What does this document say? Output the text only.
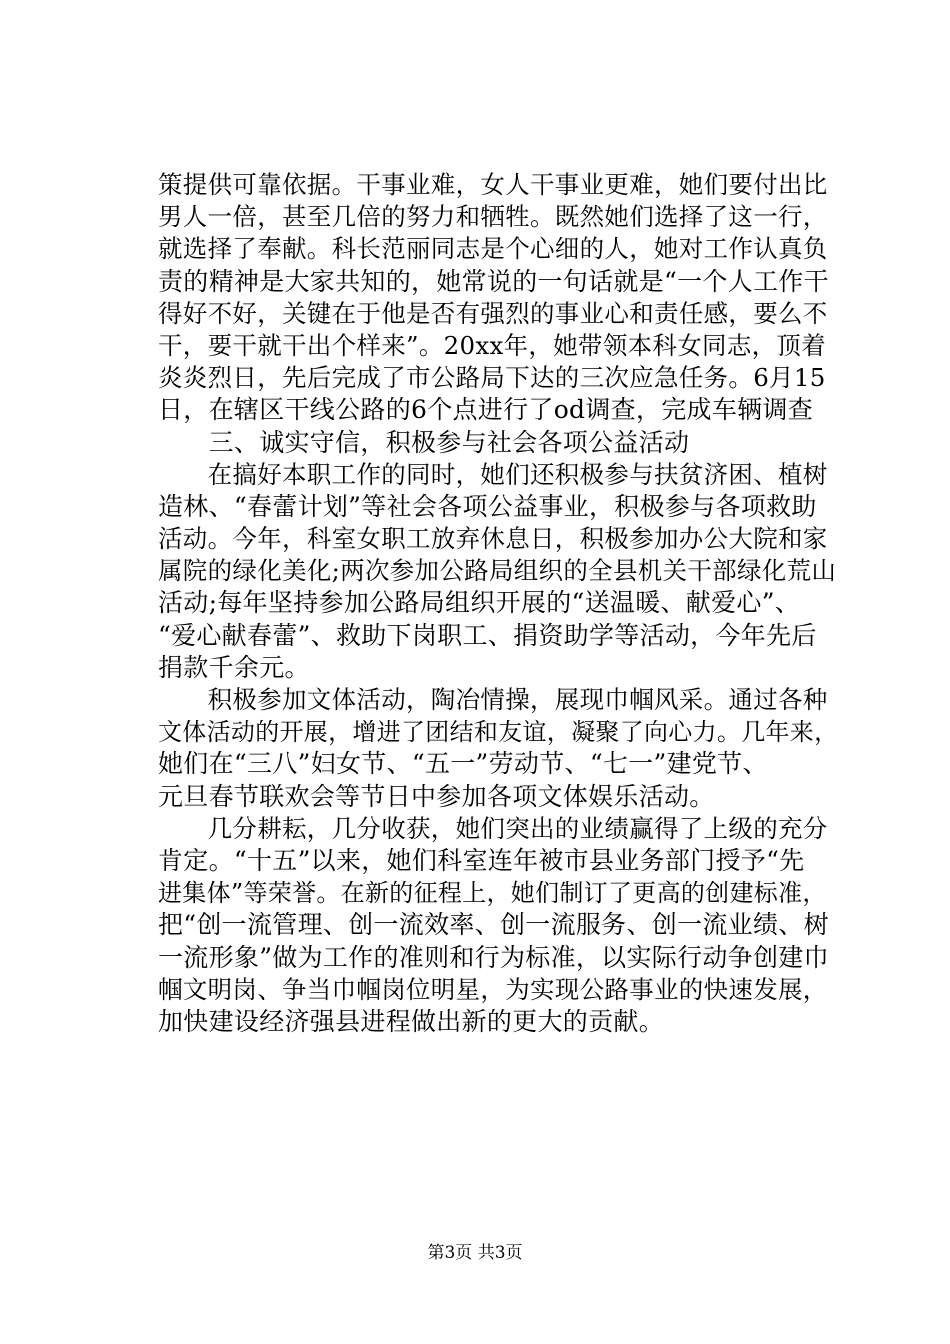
策提供可靠依据。干事业难，女人干事业更难，她们要付出比
男人一倍，甚至几倍的努力和牺牲。既然她们选择了这一行，
就选择了奉献。科长范丽同志是个心细的人，她对工作认真负
责的精神是大家共知的，她常说的一句话就是“一个人工作干
得好不好，关键在于他是否有强烈的事业心和责任感，要么不
干，要干就干出个样来”。20xx年，她带领本科女同志，顶着
炎炎烈日，先后完成了市公路局下达的三次应急任务。6月15
日，在辖区干线公路的6个点进行了od调查，完成车辆调查
　　三、诚实守信，积极参与社会各项公益活动
　　在搞好本职工作的同时，她们还积极参与扶贫济困、植树
造林、“春蕾计划”等社会各项公益事业，积极参与各项救助
活动。今年，科室女职工放弃休息日，积极参加办公大院和家
属院的绿化美化;两次参加公路局组织的全县机关干部绿化荒山
活动;每年坚持参加公路局组织开展的“送温暖、献爱心”、
“爱心献春蕾”、救助下岗职工、捐资助学等活动，今年先后
捐款千余元。
　　积极参加文体活动，陶冶情操，展现巾帼风采。通过各种
文体活动的开展，增进了团结和友谊，凝聚了向心力。几年来，
她们在“三八”妇女节、“五一”劳动节、“七一”建党节、
元旦春节联欢会等节日中参加各项文体娱乐活动。
　　几分耕耘，几分收获，她们突出的业绩赢得了上级的充分
肯定。“十五”以来，她们科室连年被市县业务部门授予“先
进集体”等荣誉。在新的征程上，她们制订了更高的创建标准，
把“创一流管理、创一流效率、创一流服务、创一流业绩、树
一流形象”做为工作的准则和行为标准，以实际行动争创建巾
帼文明岗、争当巾帼岗位明星，为实现公路事业的快速发展，
加快建设经济强县进程做出新的更大的贡献。
第3页 共3页
